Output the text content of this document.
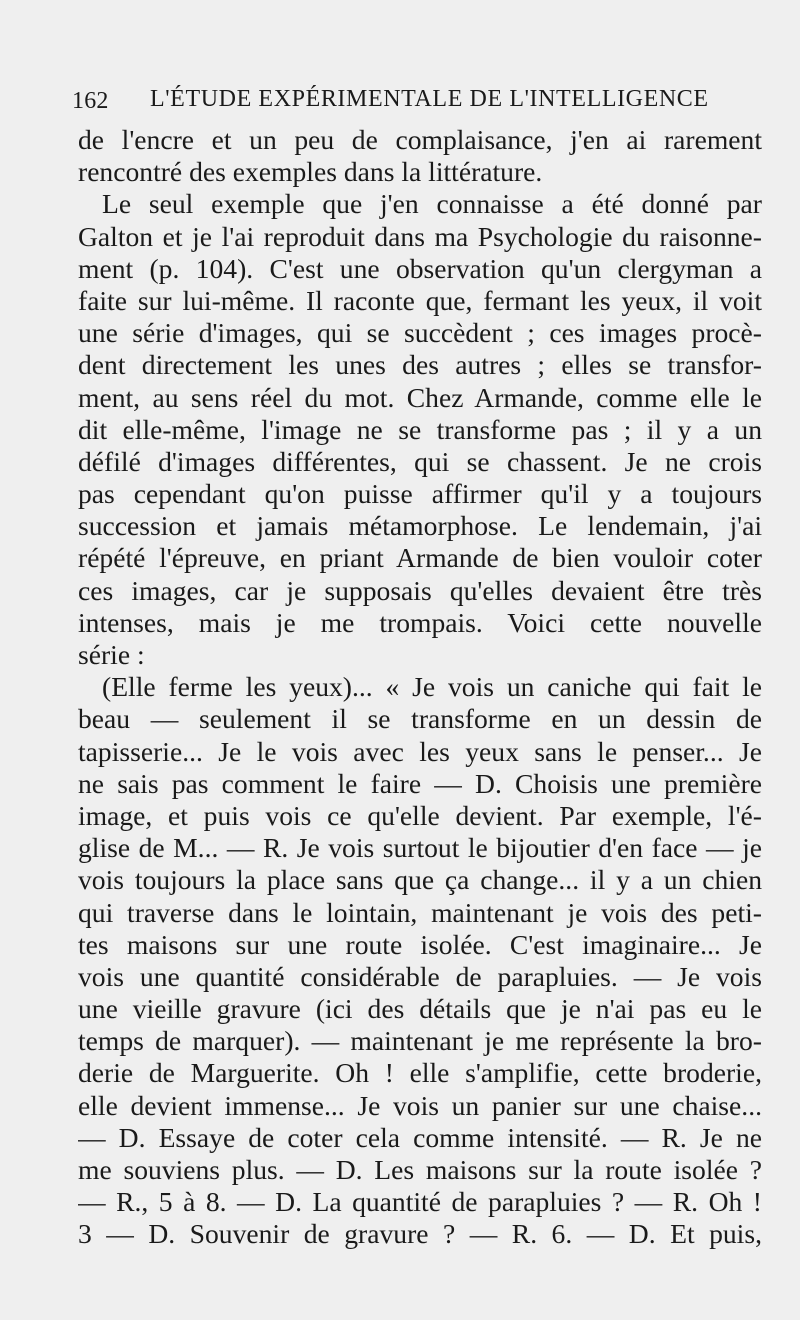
162 L'ÉTUDE EXPÉRIMENTALE DE L'INTELLIGENCE
de l'encre et un peu de complaisance, j'en ai rarement
rencontré des exemples dans la littérature.
Le seul exemple que j'en connaisse a été donné par
Galton et je l'ai reproduit dans ma Psychologie du raisonne-
ment (p. 104). C'est une observation qu'un clergyman a
faite sur lui-même. Il raconte que, fermant les yeux, il voit
une série d'images, qui se succèdent ; ces images procè-
dent directement les unes des autres ; elles se transfor-
ment, au sens réel du mot. Chez Armande, comme elle le
dit elle-même, l'image ne se transforme pas ; il y a un
défilé d'images différentes, qui se chassent. Je ne crois
pas cependant qu'on puisse affirmer qu'il y a toujours
succession et jamais métamorphose. Le lendemain, j'ai
répété l'épreuve, en priant Armande de bien vouloir coter
ces images, car je supposais qu'elles devaient être très
intenses, mais je me trompais. Voici cette nouvelle
série :
(Elle ferme les yeux)... « Je vois un caniche qui fait le
beau — seulement il se transforme en un dessin de
tapisserie... Je le vois avec les yeux sans le penser... Je
ne sais pas comment le faire — D. Choisis une première
image, et puis vois ce qu'elle devient. Par exemple, l'é-
glise de M... — R. Je vois surtout le bijoutier d'en face — je
vois toujours la place sans que ça change... il y a un chien
qui traverse dans le lointain, maintenant je vois des peti-
tes maisons sur une route isolée. C'est imaginaire... Je
vois une quantité considérable de parapluies. — Je vois
une vieille gravure (ici des détails que je n'ai pas eu le
temps de marquer). — maintenant je me représente la bro-
derie de Marguerite. Oh ! elle s'amplifie, cette broderie,
elle devient immense... Je vois un panier sur une chaise...
— D. Essaye de coter cela comme intensité. — R. Je ne
me souviens plus. — D. Les maisons sur la route isolée ?
— R., 5 à 8. — D. La quantité de parapluies ? — R. Oh !
3 — D. Souvenir de gravure ? — R. 6. — D. Et puis,
